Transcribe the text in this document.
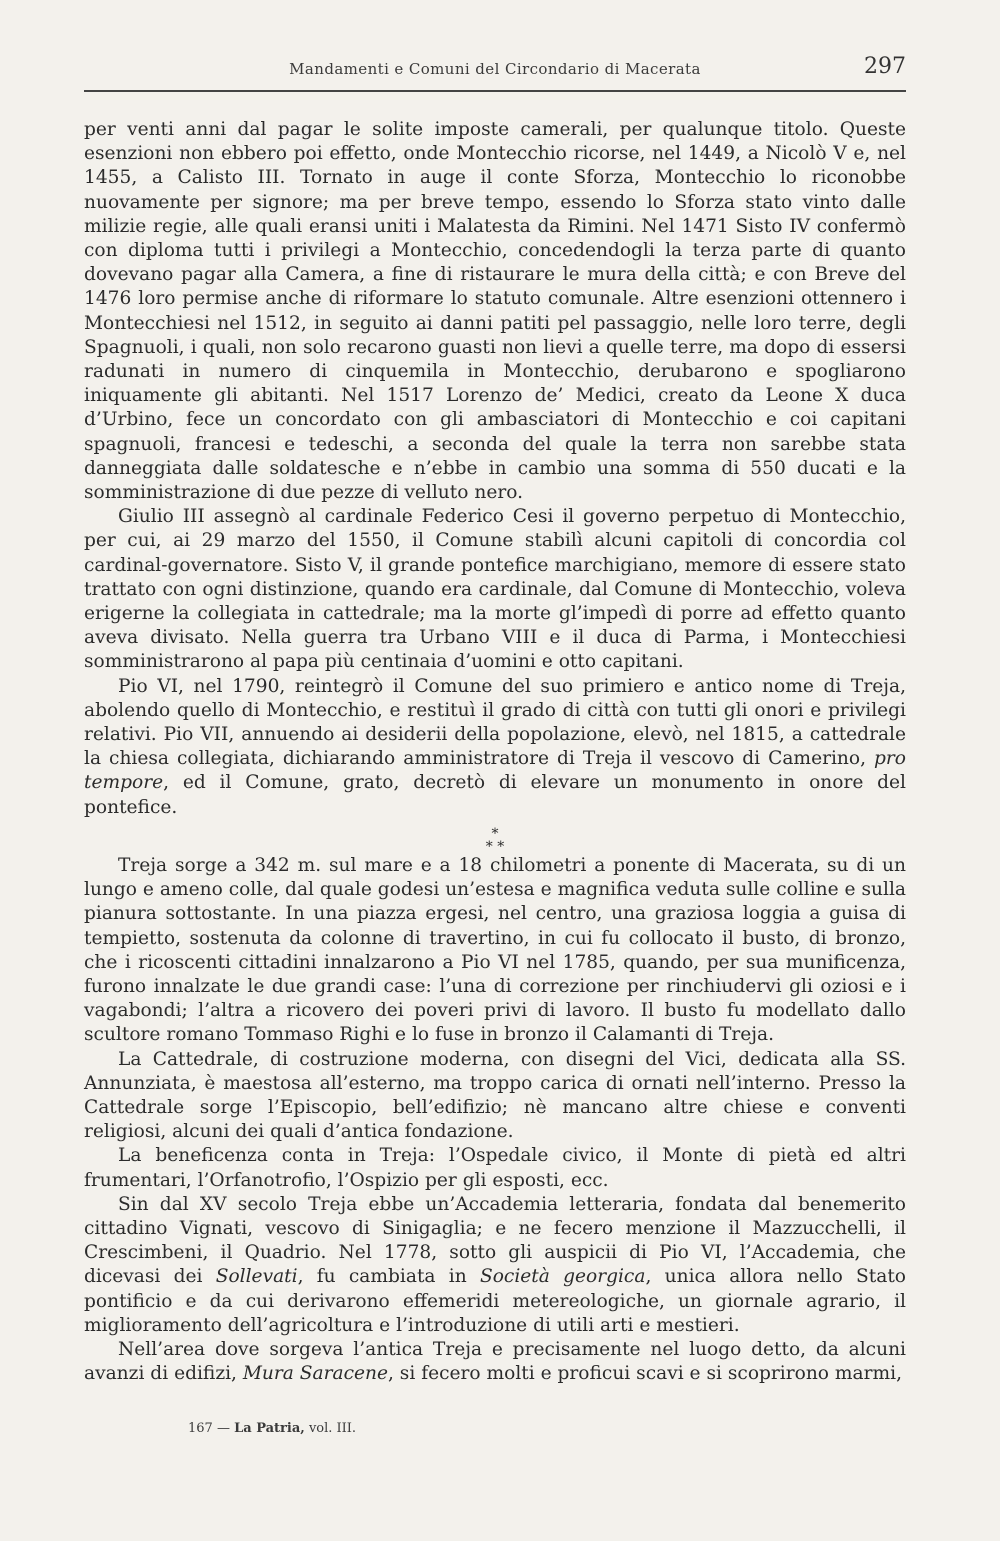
Mandamenti e Comuni del Circondario di Macerata	297

per venti anni dal pagar le solite imposte camerali, per qualunque titolo. Queste esenzioni non ebbero poi effetto, onde Montecchio ricorse, nel 1449, a Nicolò V e, nel 1455, a Calisto III. Tornato in auge il conte Sforza, Montecchio lo riconobbe nuovamente per signore; ma per breve tempo, essendo lo Sforza stato vinto dalle milizie regie, alle quali eransi uniti i Malatesta da Rimini. Nel 1471 Sisto IV confermò con diploma tutti i privilegi a Montecchio, concedendogli la terza parte di quanto dovevano pagar alla Camera, a fine di ristaurare le mura della città; e con Breve del 1476 loro permise anche di riformare lo statuto comunale. Altre esenzioni ottennero i Montecchiesi nel 1512, in seguito ai danni patiti pel passaggio, nelle loro terre, degli Spagnuoli, i quali, non solo recarono guasti non lievi a quelle terre, ma dopo di essersi radunati in numero di cinquemila in Montecchio, derubarono e spogliarono iniquamente gli abitanti. Nel 1517 Lorenzo de’ Medici, creato da Leone X duca d’Urbino, fece un concordato con gli ambasciatori di Montecchio e coi capitani spagnuoli, francesi e tedeschi, a seconda del quale la terra non sarebbe stata danneggiata dalle soldatesche e n’ebbe in cambio una somma di 550 ducati e la somministrazione di due pezze di velluto nero.

Giulio III assegnò al cardinale Federico Cesi il governo perpetuo di Montecchio, per cui, ai 29 marzo del 1550, il Comune stabilì alcuni capitoli di concordia col cardinal-governatore. Sisto V, il grande pontefice marchigiano, memore di essere stato trattato con ogni distinzione, quando era cardinale, dal Comune di Montecchio, voleva erigerne la collegiata in cattedrale; ma la morte gl’impedì di porre ad effetto quanto aveva divisato. Nella guerra tra Urbano VIII e il duca di Parma, i Montecchiesi somministrarono al papa più centinaia d’uomini e otto capitani.

Pio VI, nel 1790, reintegrò il Comune del suo primiero e antico nome di Treja, abolendo quello di Montecchio, e restituì il grado di città con tutti gli onori e privilegi relativi. Pio VII, annuendo ai desiderii della popolazione, elevò, nel 1815, a cattedrale la chiesa collegiata, dichiarando amministratore di Treja il vescovo di Camerino, pro tempore, ed il Comune, grato, decretò di elevare un monumento in onore del pontefice.

*
* *

Treja sorge a 342 m. sul mare e a 18 chilometri a ponente di Macerata, su di un lungo e ameno colle, dal quale godesi un’estesa e magnifica veduta sulle colline e sulla pianura sottostante. In una piazza ergesi, nel centro, una graziosa loggia a guisa di tempietto, sostenuta da colonne di travertino, in cui fu collocato il busto, di bronzo, che i ricoscenti cittadini innalzarono a Pio VI nel 1785, quando, per sua munificenza, furono innalzate le due grandi case: l’una di correzione per rinchiudervi gli oziosi e i vagabondi; l’altra a ricovero dei poveri privi di lavoro. Il busto fu modellato dallo scultore romano Tommaso Righi e lo fuse in bronzo il Calamanti di Treja.

La Cattedrale, di costruzione moderna, con disegni del Vici, dedicata alla SS. Annunziata, è maestosa all’esterno, ma troppo carica di ornati nell’interno. Presso la Cattedrale sorge l’Episcopio, bell’edifizio; nè mancano altre chiese e conventi religiosi, alcuni dei quali d’antica fondazione.

La beneficenza conta in Treja: l’Ospedale civico, il Monte di pietà ed altri frumentari, l’Orfanotrofio, l’Ospizio per gli esposti, ecc.

Sin dal XV secolo Treja ebbe un’Accademia letteraria, fondata dal benemerito cittadino Vignati, vescovo di Sinigaglia; e ne fecero menzione il Mazzucchelli, il Crescimbeni, il Quadrio. Nel 1778, sotto gli auspicii di Pio VI, l’Accademia, che dicevasi dei Sollevati, fu cambiata in Società georgica, unica allora nello Stato pontificio e da cui derivarono effemeridi metereologiche, un giornale agrario, il miglioramento dell’agricoltura e l’introduzione di utili arti e mestieri.

Nell’area dove sorgeva l’antica Treja e precisamente nel luogo detto, da alcuni avanzi di edifizi, Mura Saracene, si fecero molti e proficui scavi e si scoprirono marmi,

167 — La Patria, vol. III.
